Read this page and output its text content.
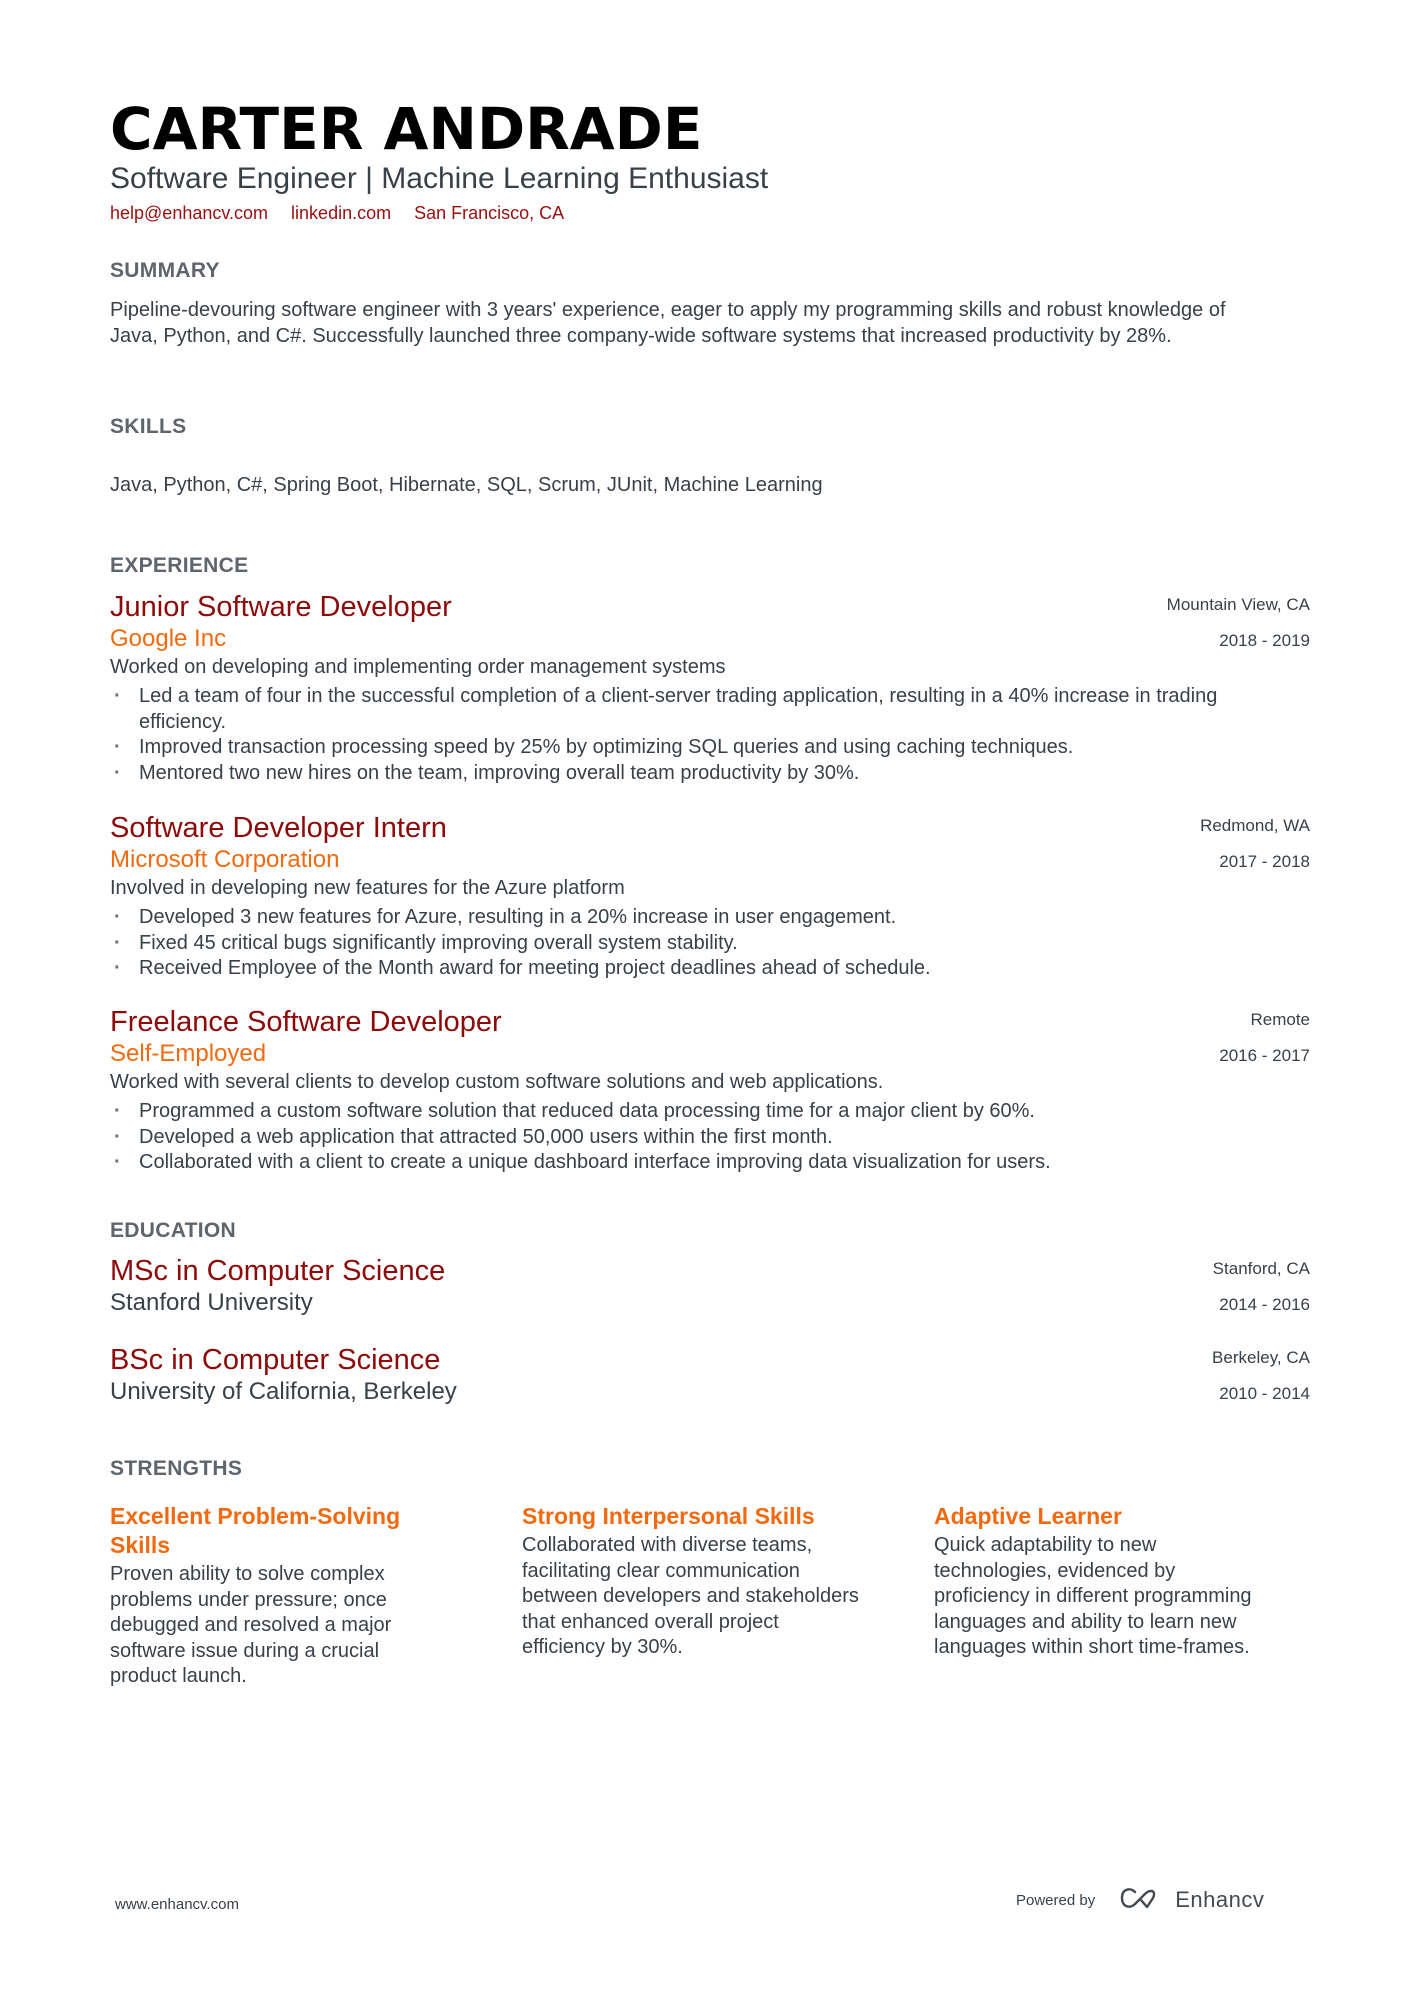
CARTER ANDRADE
Software Engineer | Machine Learning Enthusiast
help@enhancv.com linkedin.com San Francisco, CA
SUMMARY
Pipeline-devouring software engineer with 3 years' experience, eager to apply my programming skills and robust knowledge of Java, Python, and C#. Successfully launched three company-wide software systems that increased productivity by 28%.
SKILLS
Java, Python, C#, Spring Boot, Hibernate, SQL, Scrum, JUnit, Machine Learning
EXPERIENCE
Junior Software Developer
Google Inc
Worked on developing and implementing order management systems
Mountain View, CA
2018 - 2019
· Led a team of four in the successful completion of a client-server trading application, resulting in a 40% increase in trading efficiency.
· Improved transaction processing speed by 25% by optimizing SQL queries and using caching techniques.
· Mentored two new hires on the team, improving overall team productivity by 30%.
Software Developer Intern
Microsoft Corporation
Involved in developing new features for the Azure platform
Redmond, WA
2017 - 2018
· Developed 3 new features for Azure, resulting in a 20% increase in user engagement.
· Fixed 45 critical bugs significantly improving overall system stability.
· Received Employee of the Month award for meeting project deadlines ahead of schedule.
Freelance Software Developer
Self-Employed
Worked with several clients to develop custom software solutions and web applications.
Remote
2016 - 2017
· Programmed a custom software solution that reduced data processing time for a major client by 60%.
· Developed a web application that attracted 50,000 users within the first month.
· Collaborated with a client to create a unique dashboard interface improving data visualization for users.
EDUCATION
MSc in Computer Science
Stanford University
Stanford, CA
2014 - 2016
BSc in Computer Science
University of California, Berkeley
Berkeley, CA
2010 - 2014
STRENGTHS
Excellent Problem-Solving Skills
Proven ability to solve complex problems under pressure; once debugged and resolved a major software issue during a crucial product launch.
Strong Interpersonal Skills
Collaborated with diverse teams, facilitating clear communication between developers and stakeholders that enhanced overall project efficiency by 30%.
Adaptive Learner
Quick adaptability to new technologies, evidenced by proficiency in different programming languages and ability to learn new languages within short time-frames.
www.enhancv.com	Powered by	Enhancv
